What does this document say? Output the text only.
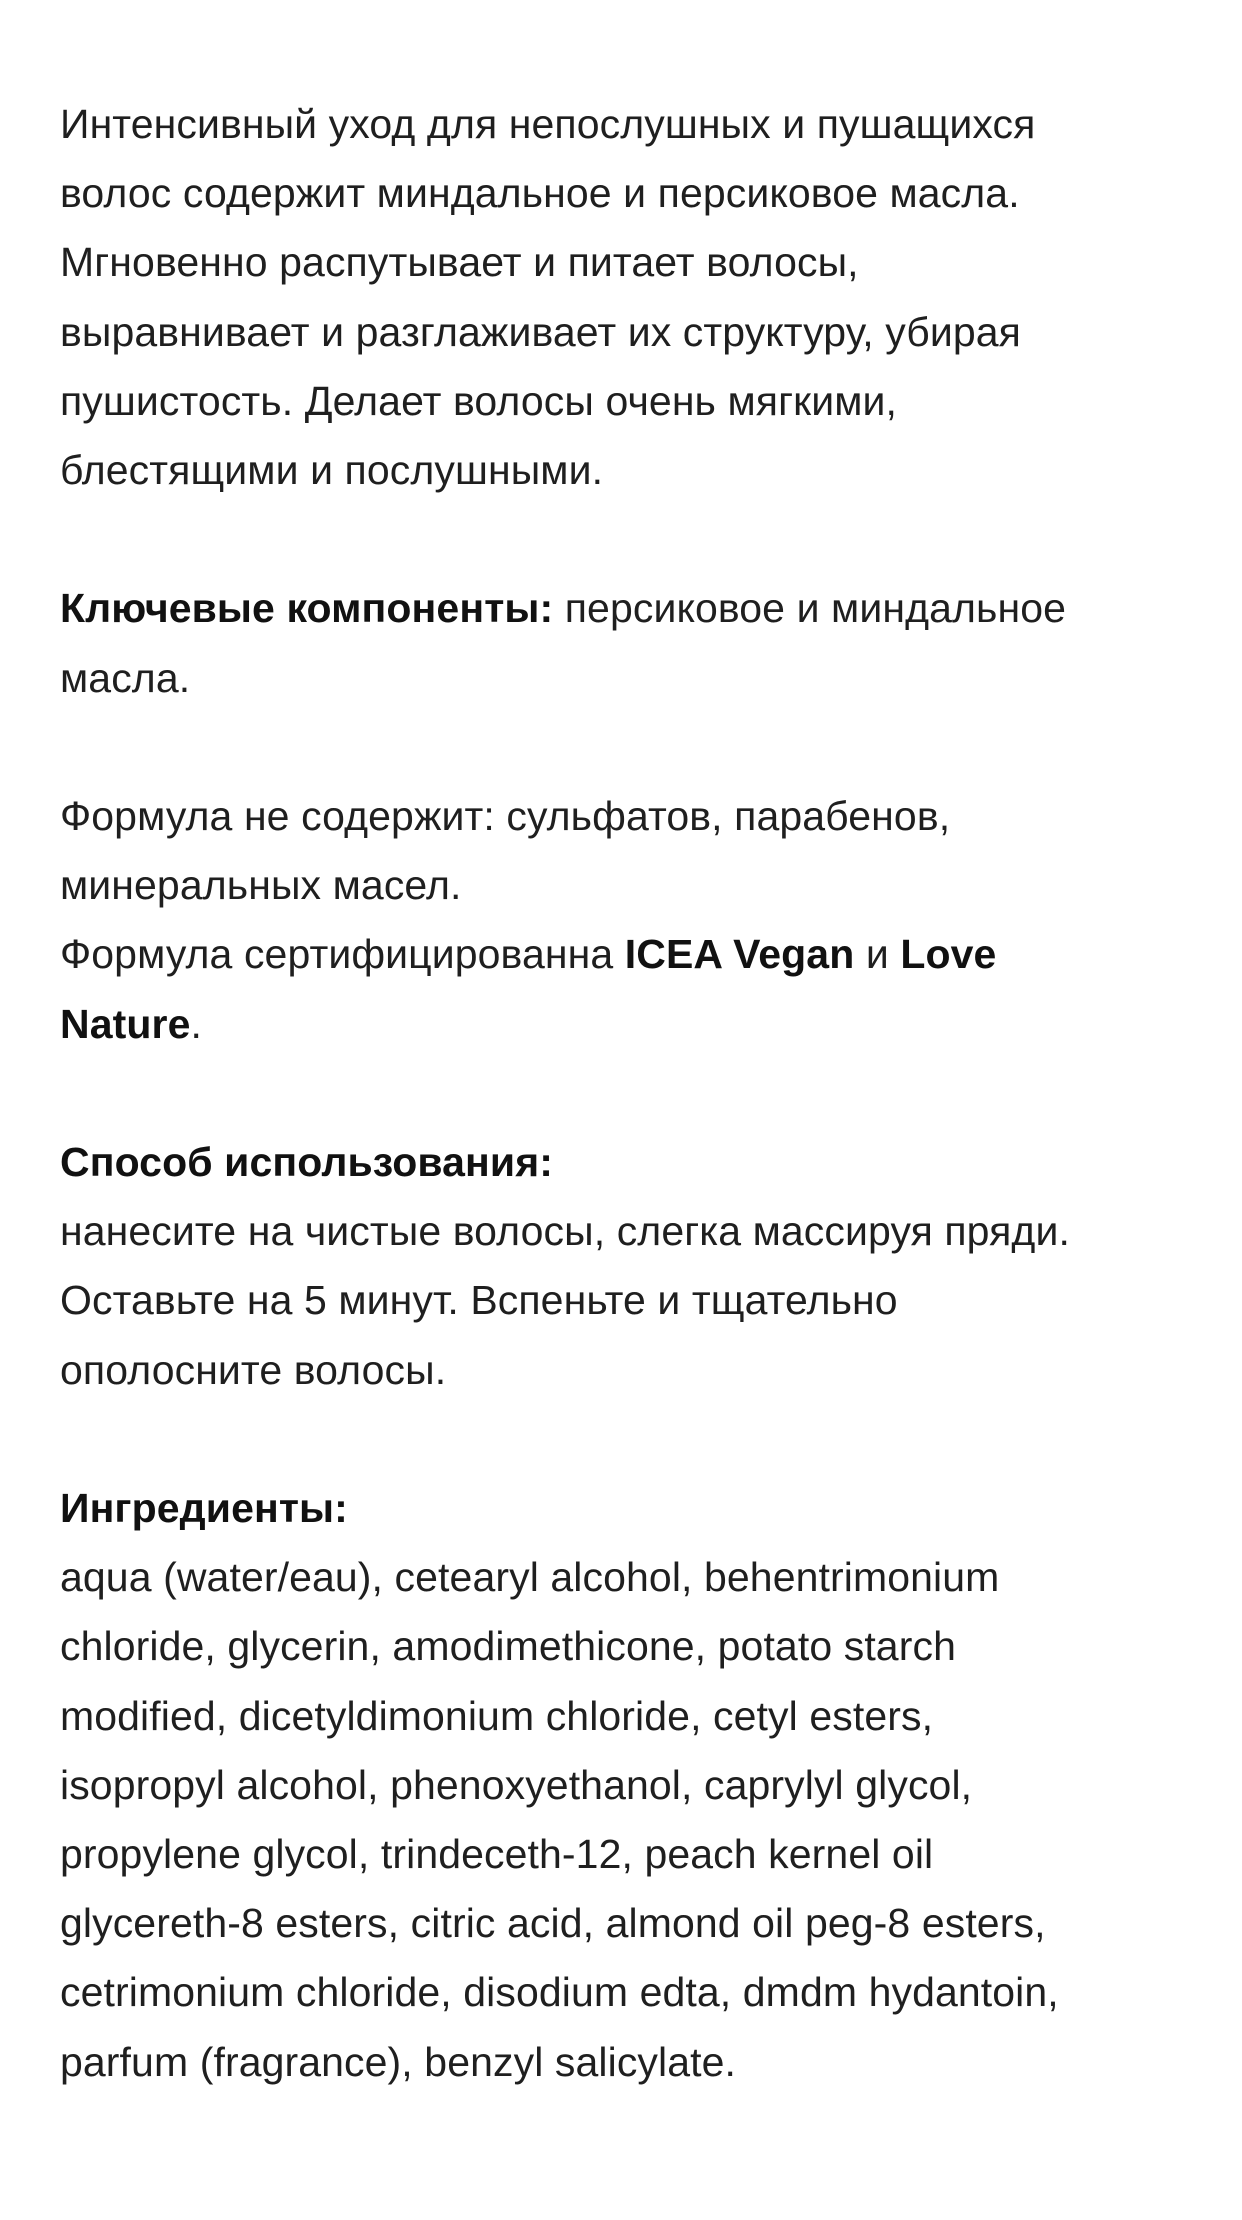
Интенсивный уход для непослушных и пушащихся

волос содержит миндальное и персиковое масла.

Мгновенно распутывает и питает волосы,

выравнивает и разглаживает их структуру, убирая

пушистость. Делает волосы очень мягкими,

блестящими и послушными.

Ключевые компоненты: персиковое и миндальное

масла.

Формула не содержит: сульфатов, парабенов,

минеральных масел.

Формула сертифицированна ICEA Vegan и Love

Nature.

Способ использования:

нанесите на чистые волосы, слегка массируя пряди.

Оставьте на 5 минут. Вспеньте и тщательно

ополосните волосы.

Ингредиенты:

aqua (water/eau), cetearyl alcohol, behentrimonium

chloride, glycerin, amodimethicone, potato starch

modified, dicetyldimonium chloride, cetyl esters,

isopropyl alcohol, phenoxyethanol, caprylyl glycol,

propylene glycol, trindeceth-12, peach kernel oil

glycereth-8 esters, citric acid, almond oil peg-8 esters,

cetrimonium chloride, disodium edta, dmdm hydantoin,

parfum (fragrance), benzyl salicylate.
